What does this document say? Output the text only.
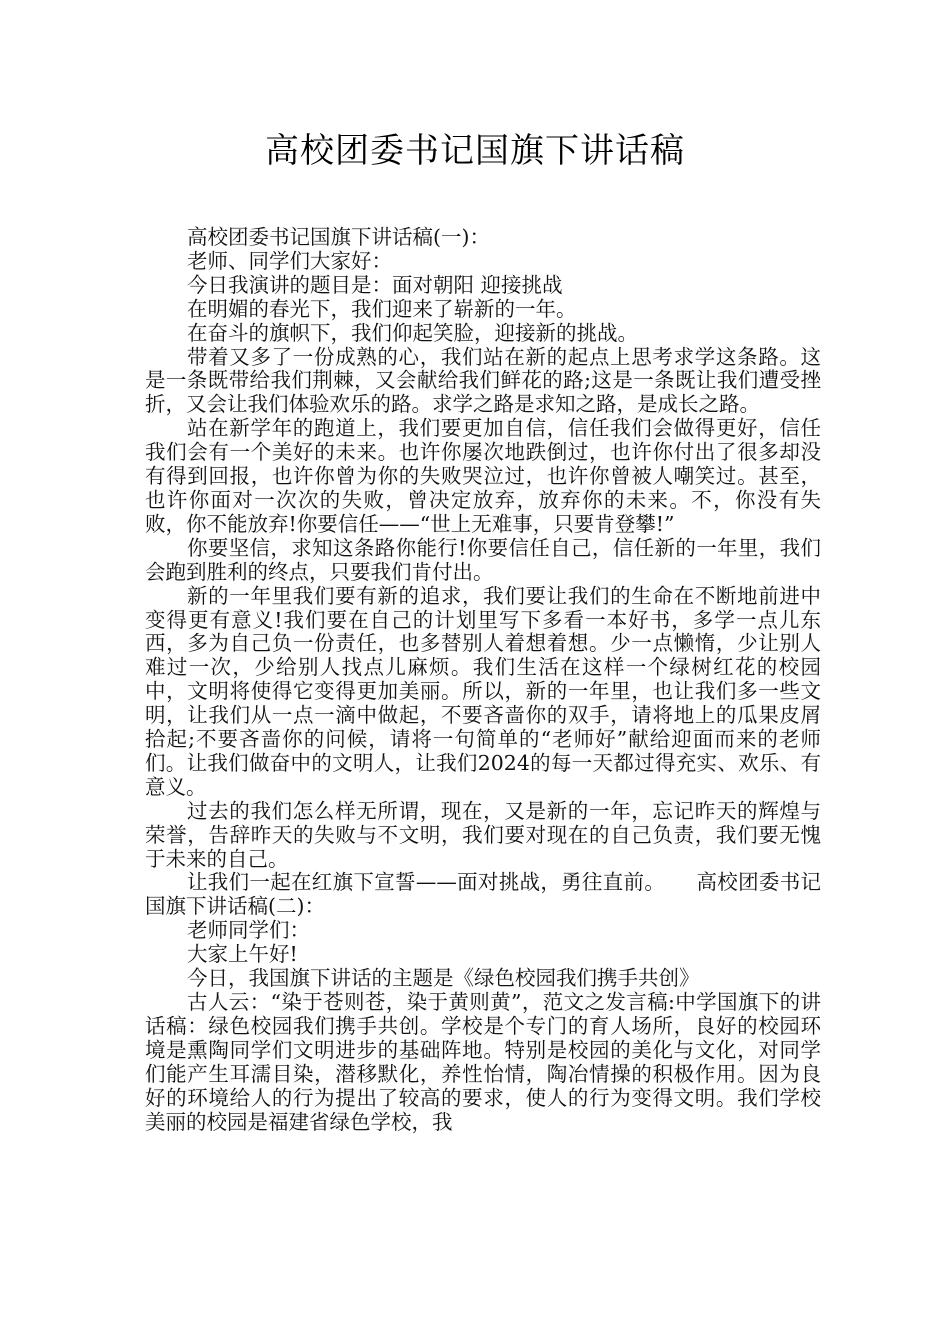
高校团委书记国旗下讲话稿

高校团委书记国旗下讲话稿(一)：

老师、同学们大家好：

今日我演讲的题目是：面对朝阳 迎接挑战

在明媚的春光下，我们迎来了崭新的一年。

在奋斗的旗帜下，我们仰起笑脸，迎接新的挑战。

带着又多了一份成熟的心，我们站在新的起点上思考求学这条路。这是一条既带给我们荆棘，又会献给我们鲜花的路;这是一条既让我们遭受挫折，又会让我们体验欢乐的路。求学之路是求知之路，是成长之路。

站在新学年的跑道上，我们要更加自信，信任我们会做得更好，信任我们会有一个美好的未来。也许你屡次地跌倒过，也许你付出了很多却没有得到回报，也许你曾为你的失败哭泣过，也许你曾被人嘲笑过。甚至，也许你面对一次次的失败，曾决定放弃，放弃你的未来。不，你没有失败，你不能放弃!你要信任——“世上无难事，只要肯登攀!”

你要坚信，求知这条路你能行!你要信任自己，信任新的一年里，我们会跑到胜利的终点，只要我们肯付出。

新的一年里我们要有新的追求，我们要让我们的生命在不断地前进中变得更有意义!我们要在自己的计划里写下多看一本好书，多学一点儿东西，多为自己负一份责任，也多替别人着想着想。少一点懒惰，少让别人难过一次，少给别人找点儿麻烦。我们生活在这样一个绿树红花的校园中，文明将使得它变得更加美丽。所以，新的一年里，也让我们多一些文明，让我们从一点一滴中做起，不要吝啬你的双手，请将地上的瓜果皮屑拾起;不要吝啬你的问候，请将一句简单的“老师好”献给迎面而来的老师们。让我们做奋中的文明人，让我们2024的每一天都过得充实、欢乐、有意义。

过去的我们怎么样无所谓，现在，又是新的一年，忘记昨天的辉煌与荣誉，告辞昨天的失败与不文明，我们要对现在的自己负责，我们要无愧于未来的自己。

让我们一起在红旗下宣誓——面对挑战，勇往直前。　　高校团委书记国旗下讲话稿(二)：

老师同学们：

大家上午好!

今日，我国旗下讲话的主题是《绿色校园我们携手共创》

古人云：“染于苍则苍，染于黄则黄”，范文之发言稿:中学国旗下的讲话稿：绿色校园我们携手共创。学校是个专门的育人场所，良好的校园环境是熏陶同学们文明进步的基础阵地。特别是校园的美化与文化，对同学们能产生耳濡目染，潜移默化，养性怡情，陶冶情操的积极作用。因为良好的环境给人的行为提出了较高的要求，使人的行为变得文明。我们学校美丽的校园是福建省绿色学校，我
